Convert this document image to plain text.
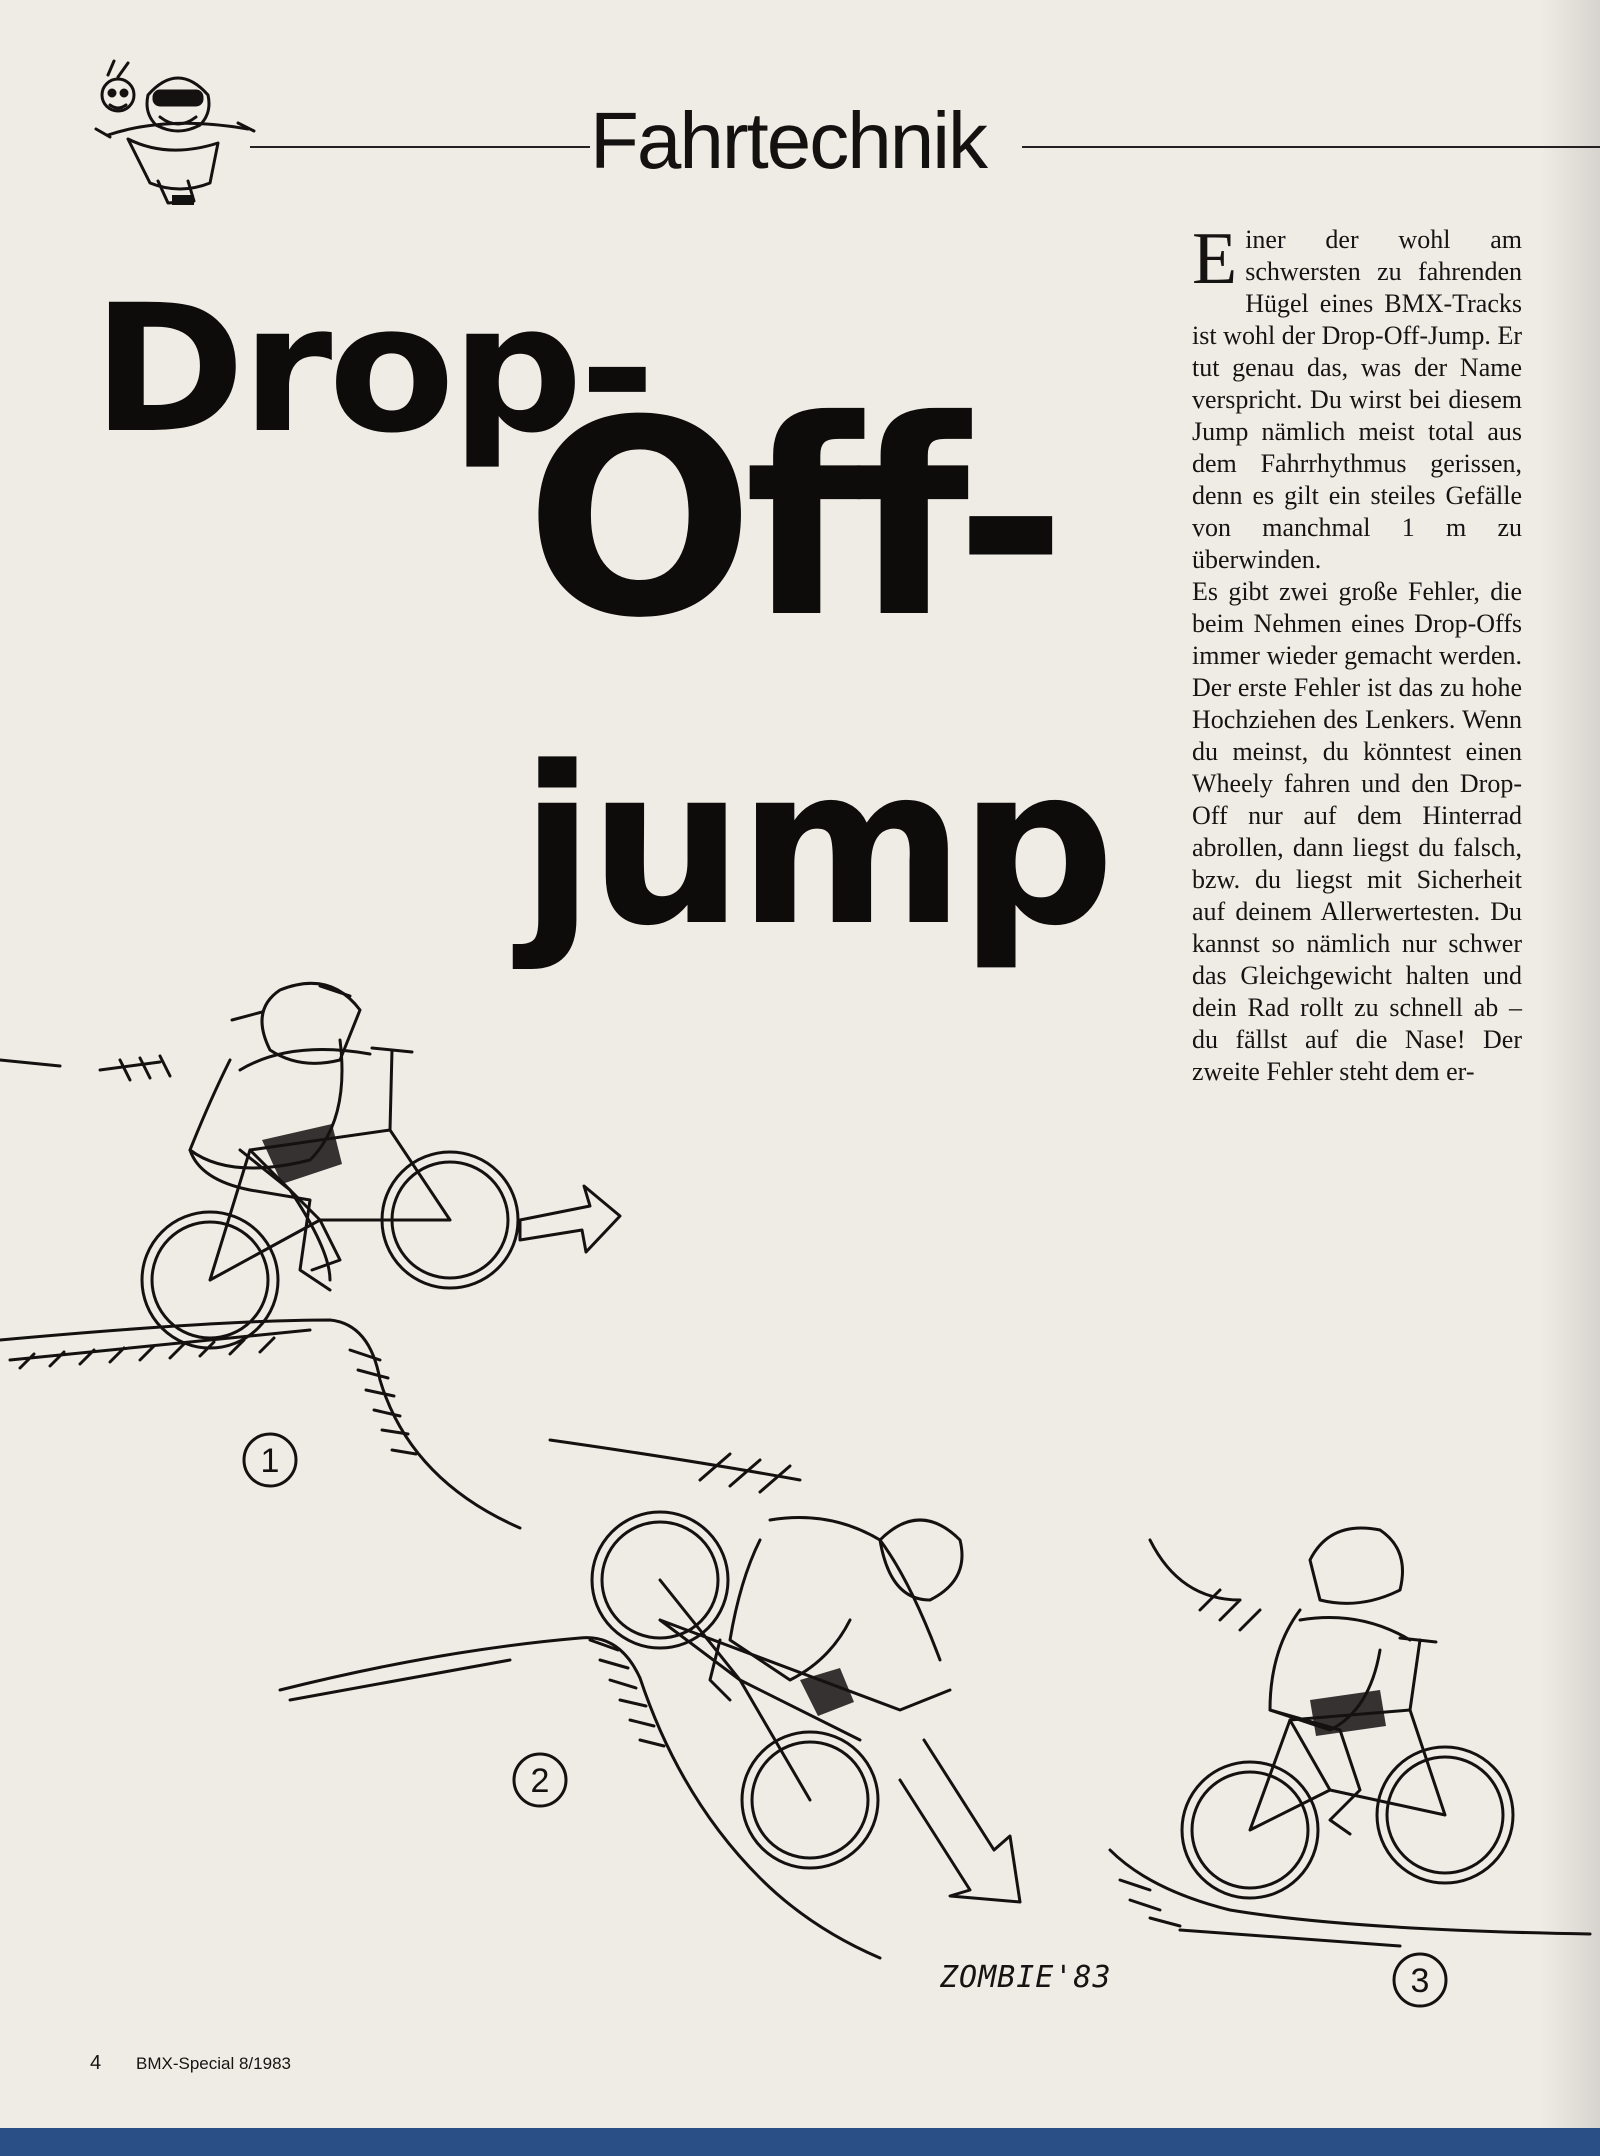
Fahrtechnik
Drop-
Off-
jump

Einer der wohl am schwersten zu fahrenden Hügel eines BMX-Tracks ist wohl der Drop-Off-Jump. Er tut genau das, was der Name verspricht. Du wirst bei diesem Jump nämlich meist total aus dem Fahrrhythmus gerissen, denn es gilt ein steiles Gefälle von manchmal 1 m zu überwinden.

Es gibt zwei große Fehler, die beim Nehmen eines Drop-Offs immer wieder gemacht werden. Der erste Fehler ist das zu hohe Hochziehen des Lenkers. Wenn du meinst, du könntest einen Wheely fahren und den Drop-Off nur auf dem Hinterrad abrollen, dann liegst du falsch, bzw. du liegst mit Sicherheit auf deinem Allerwertesten. Du kannst so nämlich nur schwer das Gleichgewicht halten und dein Rad rollt zu schnell ab – du fällst auf die Nase! Der zweite Fehler steht dem er-

1
2
3
ZOMBIE'83
4 BMX-Special 8/1983
